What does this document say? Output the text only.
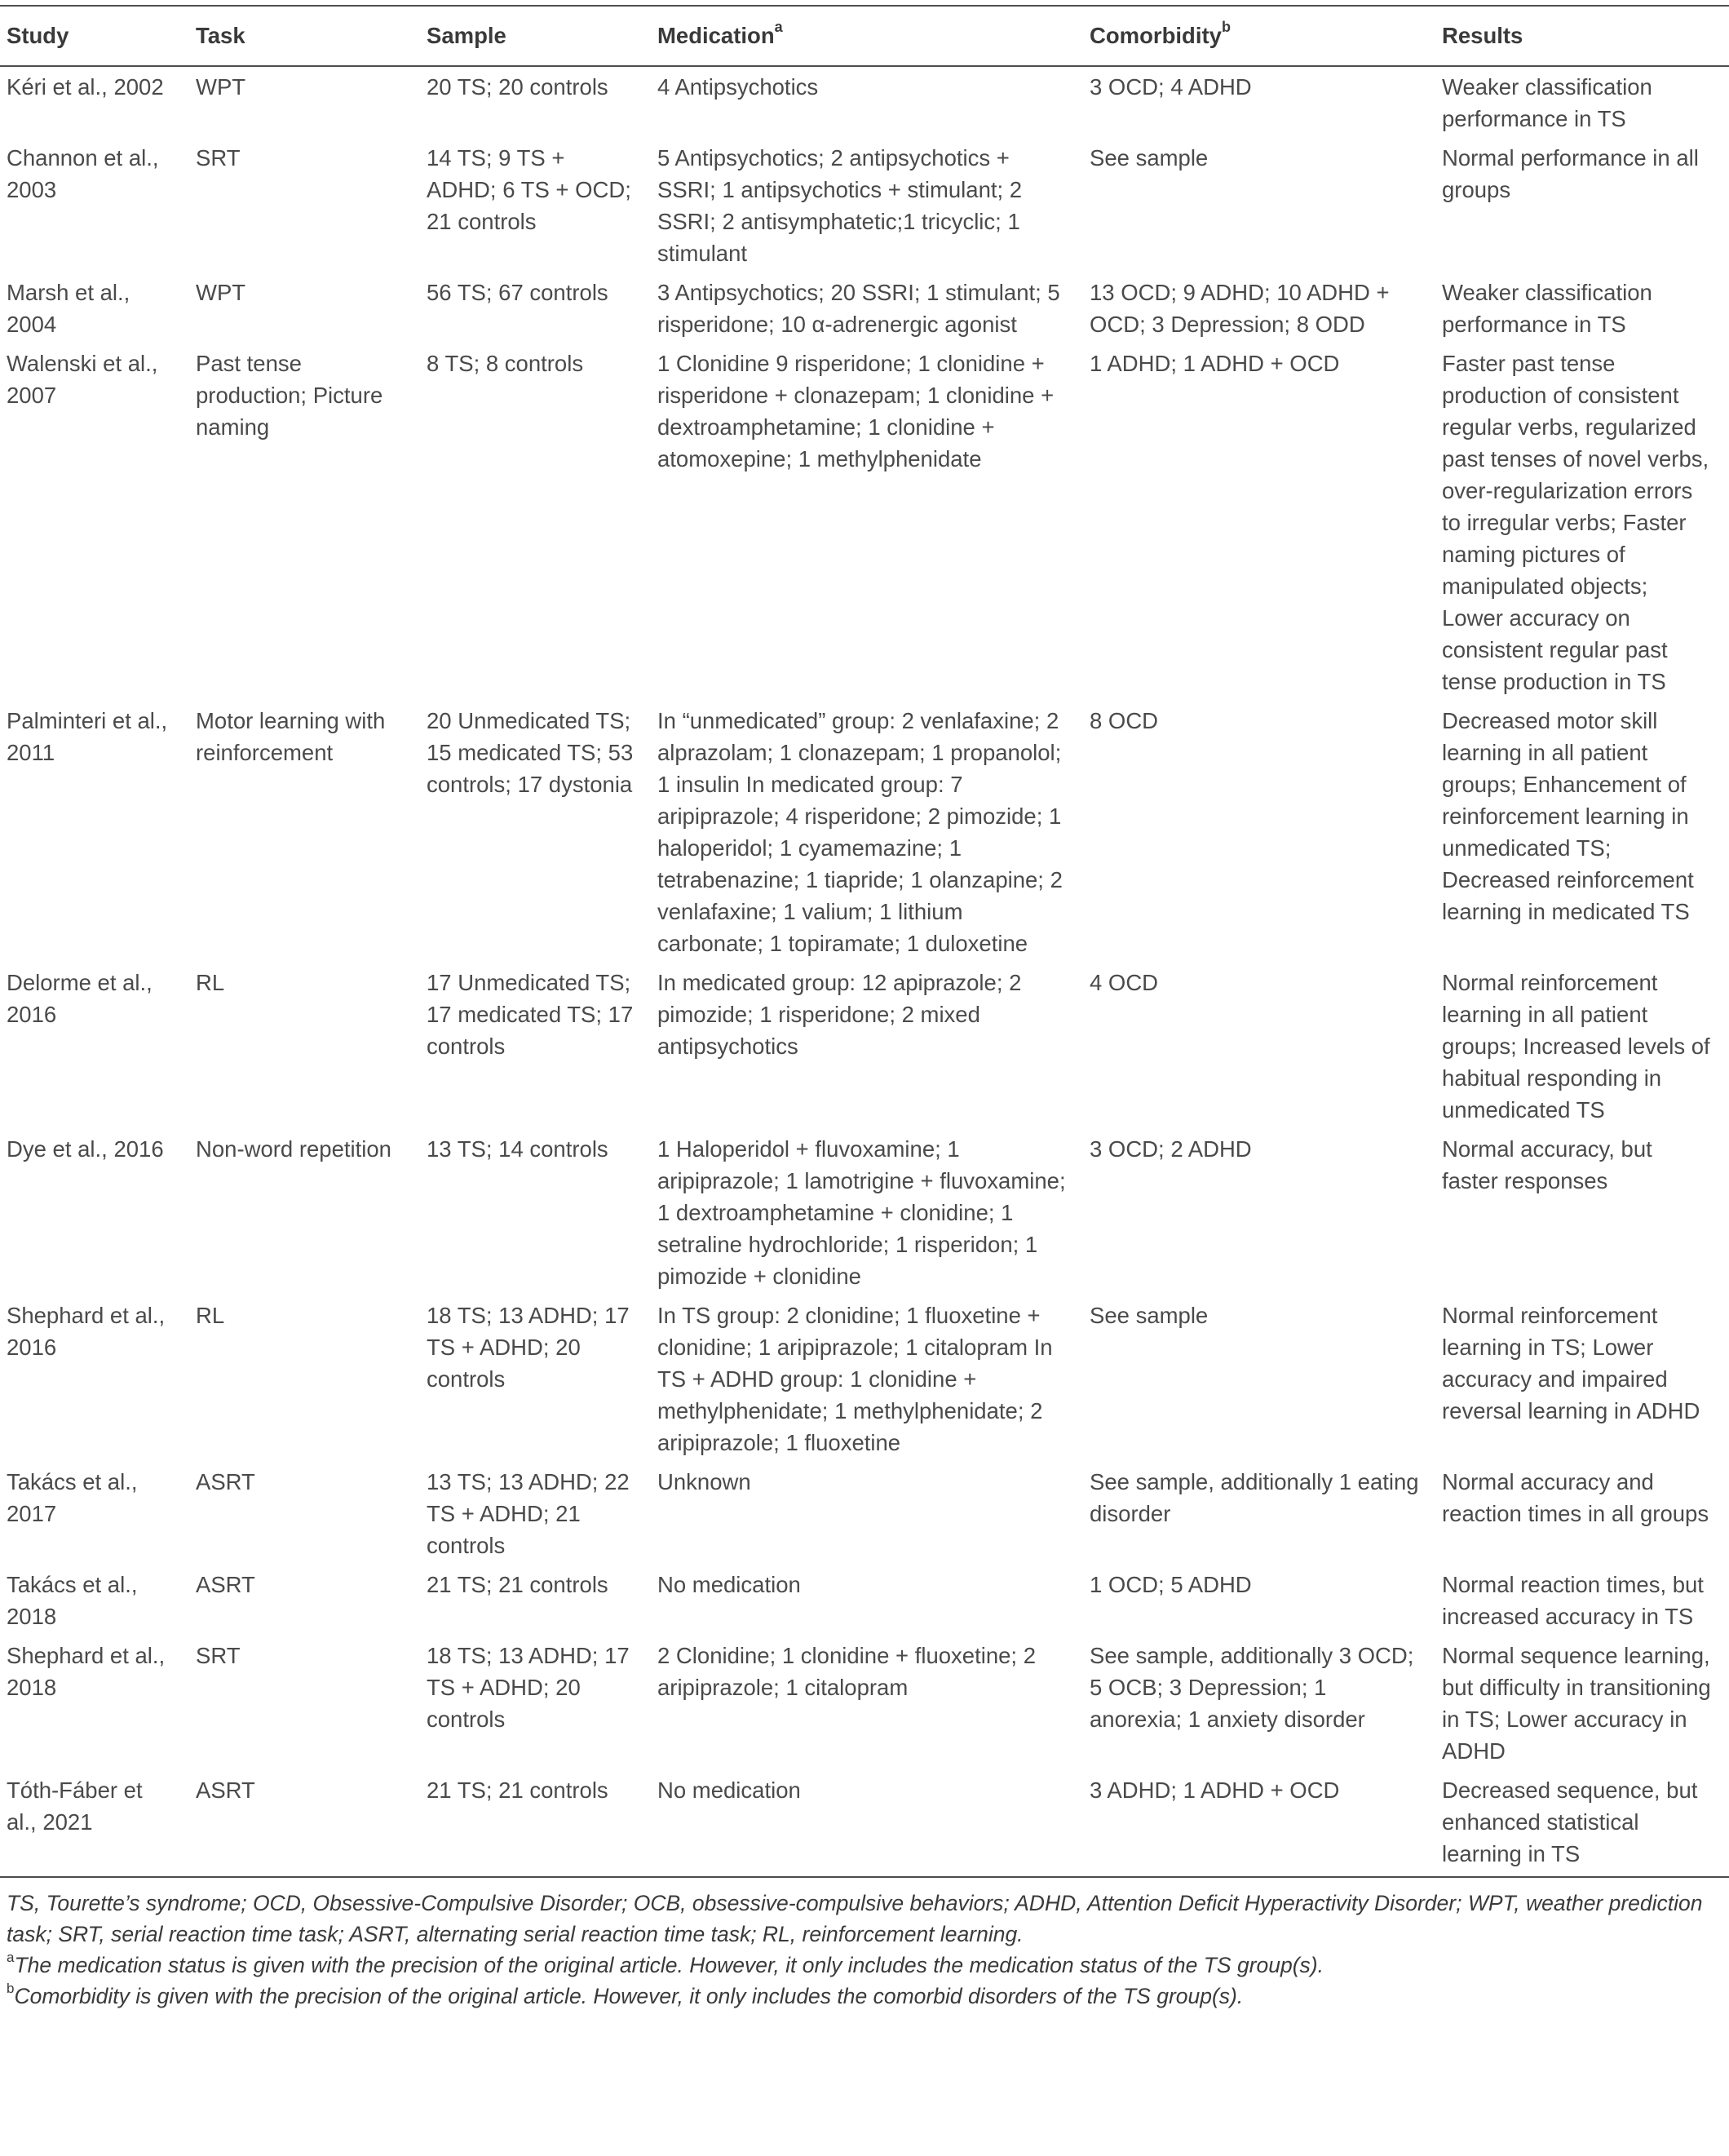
Study	Task	Sample	Medication$^a$	Comorbidity$^b$	Results
Kéri et al., 2002	WPT	20 TS; 20 controls	4 Antipsychotics	3 OCD; 4 ADHD	Weaker classification performance in TS
Channon et al., 2003	SRT	14 TS; 9 TS + ADHD; 6 TS + OCD; 21 controls	5 Antipsychotics; 2 antipsychotics + SSRI; 1 antipsychotics + stimulant; 2 SSRI; 2 antisymphatetic;1 tricyclic; 1 stimulant	See sample	Normal performance in all groups
Marsh et al., 2004	WPT	56 TS; 67 controls	3 Antipsychotics; 20 SSRI; 1 stimulant; 5 risperidone; 10 α-adrenergic agonist	13 OCD; 9 ADHD; 10 ADHD + OCD; 3 Depression; 8 ODD	Weaker classification performance in TS
Walenski et al., 2007	Past tense production; Picture naming	8 TS; 8 controls	1 Clonidine 9 risperidone; 1 clonidine + risperidone + clonazepam; 1 clonidine + dextroamphetamine; 1 clonidine + atomoxepine; 1 methylphenidate	1 ADHD; 1 ADHD + OCD	Faster past tense production of consistent regular verbs, regularized past tenses of novel verbs, over-regularization errors to irregular verbs; Faster naming pictures of manipulated objects; Lower accuracy on consistent regular past tense production in TS
Palminteri et al., 2011	Motor learning with reinforcement	20 Unmedicated TS; 15 medicated TS; 53 controls; 17 dystonia	In “unmedicated” group: 2 venlafaxine; 2 alprazolam; 1 clonazepam; 1 propanolol; 1 insulin In medicated group: 7 aripiprazole; 4 risperidone; 2 pimozide; 1 haloperidol; 1 cyamemazine; 1 tetrabenazine; 1 tiapride; 1 olanzapine; 2 venlafaxine; 1 valium; 1 lithium carbonate; 1 topiramate; 1 duloxetine	8 OCD	Decreased motor skill learning in all patient groups; Enhancement of reinforcement learning in unmedicated TS; Decreased reinforcement learning in medicated TS
Delorme et al., 2016	RL	17 Unmedicated TS; 17 medicated TS; 17 controls	In medicated group: 12 apiprazole; 2 pimozide; 1 risperidone; 2 mixed antipsychotics	4 OCD	Normal reinforcement learning in all patient groups; Increased levels of habitual responding in unmedicated TS
Dye et al., 2016	Non-word repetition	13 TS; 14 controls	1 Haloperidol + fluvoxamine; 1 aripiprazole; 1 lamotrigine + fluvoxamine; 1 dextroamphetamine + clonidine; 1 setraline hydrochloride; 1 risperidon; 1 pimozide + clonidine	3 OCD; 2 ADHD	Normal accuracy, but faster responses
Shephard et al., 2016	RL	18 TS; 13 ADHD; 17 TS + ADHD; 20 controls	In TS group: 2 clonidine; 1 fluoxetine + clonidine; 1 aripiprazole; 1 citalopram In TS + ADHD group: 1 clonidine + methylphenidate; 1 methylphenidate; 2 aripiprazole; 1 fluoxetine	See sample	Normal reinforcement learning in TS; Lower accuracy and impaired reversal learning in ADHD
Takács et al., 2017	ASRT	13 TS; 13 ADHD; 22 TS + ADHD; 21 controls	Unknown	See sample, additionally 1 eating disorder	Normal accuracy and reaction times in all groups
Takács et al., 2018	ASRT	21 TS; 21 controls	No medication	1 OCD; 5 ADHD	Normal reaction times, but increased accuracy in TS
Shephard et al., 2018	SRT	18 TS; 13 ADHD; 17 TS + ADHD; 20 controls	2 Clonidine; 1 clonidine + fluoxetine; 2 aripiprazole; 1 citalopram	See sample, additionally 3 OCD; 5 OCB; 3 Depression; 1 anorexia; 1 anxiety disorder	Normal sequence learning, but difficulty in transitioning in TS; Lower accuracy in ADHD
Tóth-Fáber et al., 2021	ASRT	21 TS; 21 controls	No medication	3 ADHD; 1 ADHD + OCD	Decreased sequence, but enhanced statistical learning in TS

TS, Tourette’s syndrome; OCD, Obsessive-Compulsive Disorder; OCB, obsessive-compulsive behaviors; ADHD, Attention Deficit Hyperactivity Disorder; WPT, weather prediction task; SRT, serial reaction time task; ASRT, alternating serial reaction time task; RL, reinforcement learning.

$^a$The medication status is given with the precision of the original article. However, it only includes the medication status of the TS group(s).

$^b$Comorbidity is given with the precision of the original article. However, it only includes the comorbid disorders of the TS group(s).
